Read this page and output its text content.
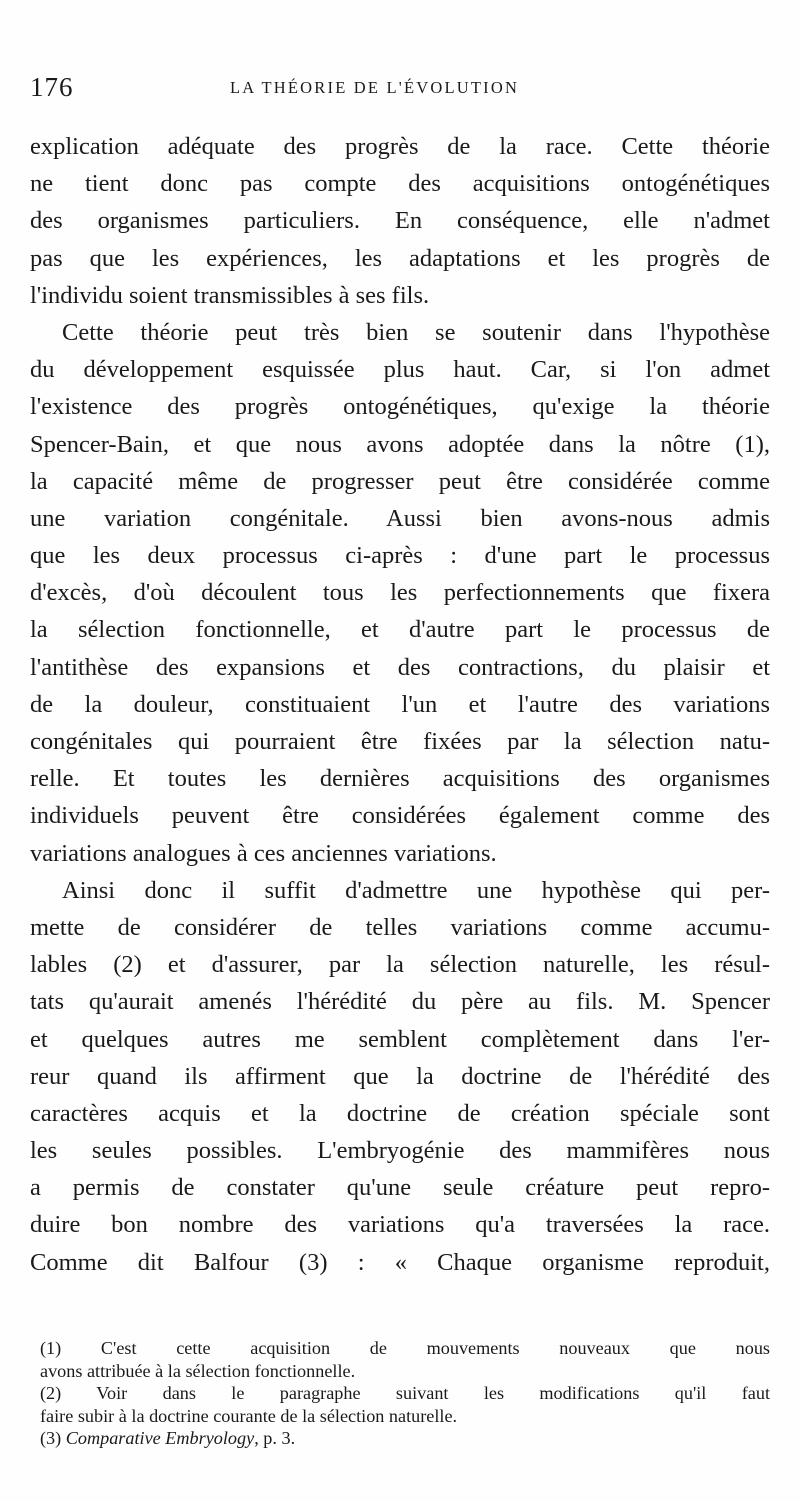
176	LA THÉORIE DE L'ÉVOLUTION
explication adéquate des progrès de la race. Cette théorie
ne tient donc pas compte des acquisitions ontogénétiques
des organismes particuliers. En conséquence, elle n'admet
pas que les expériences, les adaptations et les progrès de
l'individu soient transmissibles à ses fils.
Cette théorie peut très bien se soutenir dans l'hypothèse
du développement esquissée plus haut. Car, si l'on admet
l'existence des progrès ontogénétiques, qu'exige la théorie
Spencer-Bain, et que nous avons adoptée dans la nôtre (1),
la capacité même de progresser peut être considérée comme
une variation congénitale. Aussi bien avons-nous admis
que les deux processus ci-après : d'une part le processus
d'excès, d'où découlent tous les perfectionnements que fixera
la sélection fonctionnelle, et d'autre part le processus de
l'antithèse des expansions et des contractions, du plaisir et
de la douleur, constituaient l'un et l'autre des variations
congénitales qui pourraient être fixées par la sélection natu-
relle. Et toutes les dernières acquisitions des organismes
individuels peuvent être considérées également comme des
variations analogues à ces anciennes variations.
Ainsi donc il suffit d'admettre une hypothèse qui per-
mette de considérer de telles variations comme accumu-
lables (2) et d'assurer, par la sélection naturelle, les résul-
tats qu'aurait amenés l'hérédité du père au fils. M. Spencer
et quelques autres me semblent complètement dans l'er-
reur quand ils affirment que la doctrine de l'hérédité des
caractères acquis et la doctrine de création spéciale sont
les seules possibles. L'embryogénie des mammifères nous
a permis de constater qu'une seule créature peut repro-
duire bon nombre des variations qu'a traversées la race.
Comme dit Balfour (3) : « Chaque organisme reproduit,
(1) C'est cette acquisition de mouvements nouveaux que nous
avons attribuée à la sélection fonctionnelle.
(2) Voir dans le paragraphe suivant les modifications qu'il faut
faire subir à la doctrine courante de la sélection naturelle.
(3) Comparative Embryology, p. 3.
